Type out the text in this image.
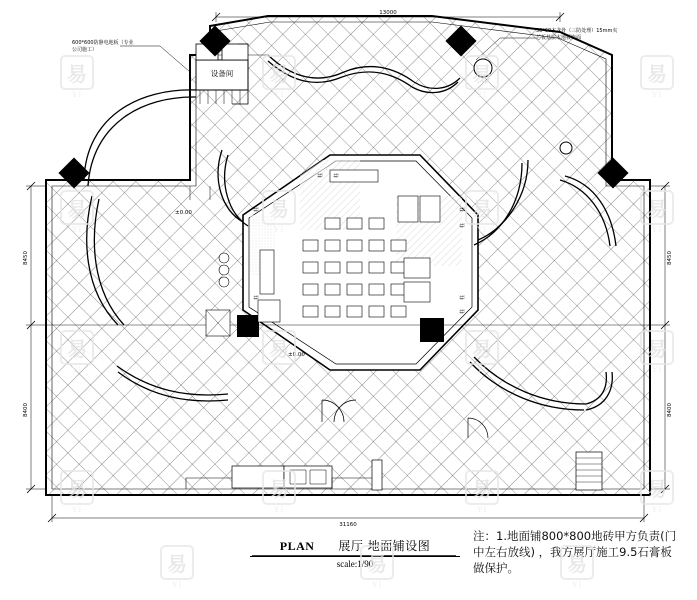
设备间
13000
8450
8400
8450
8400
31160
±0.00
±0.00
柱 柱
柱
柱
柱
柱	柱
柱
600*600防静电地板（专业公司施工）
50*60木龙骨（三防处理）15mm夹芯板基层木地板饰面
注：1.地面铺800*800地砖甲方负责(门中左右放线) ，我方展厅施工9.5石膏板做保护。
PLAN 展厅 地面铺设图
scale:1/90
易
YI
易
YI
易
YI
易
YI
易
YI
易
YI
易
YI
易
YI
易
YI
易
YI
易
YI
易
YI
易
YI
易
YI
易
YI
易
YI
易
YI
易
YI
易
YI
